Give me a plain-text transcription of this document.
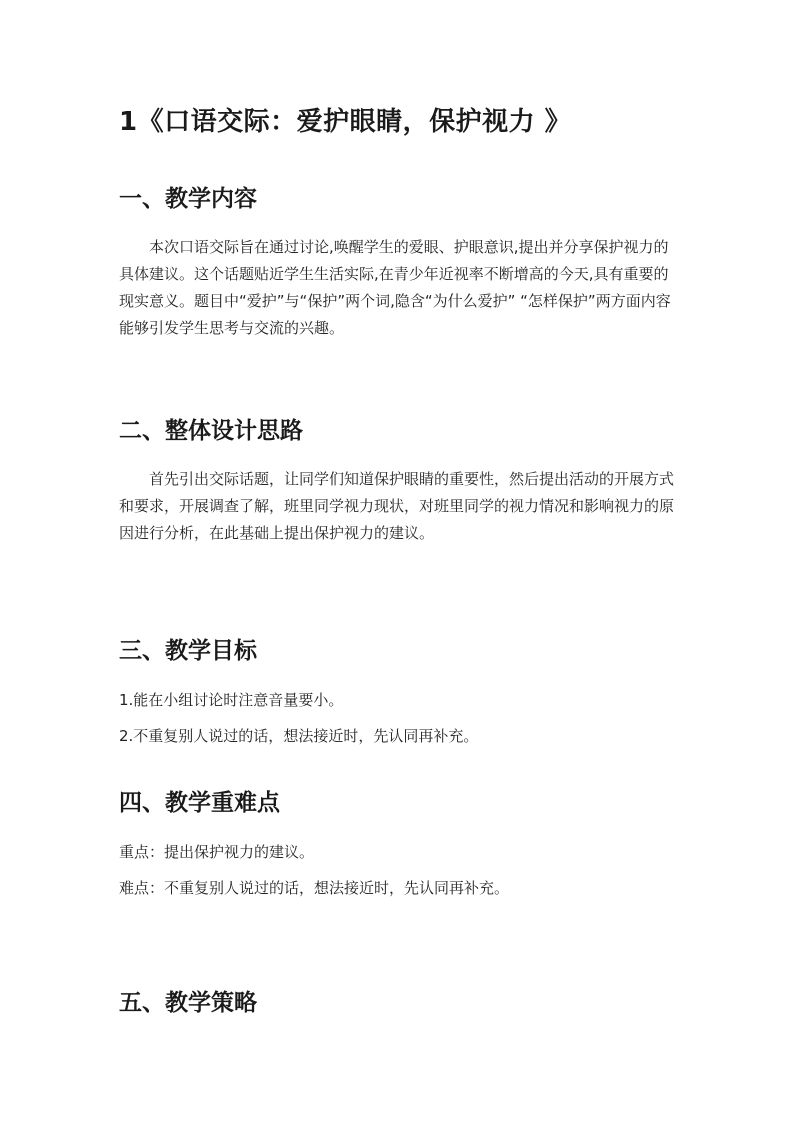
1《口语交际：爱护眼睛，保护视力 》
一、教学内容

本次口语交际旨在通过讨论,唤醒学生的爱眼、护眼意识,提出并分享保护视力的具体建议。这个话题贴近学生生活实际,在青少年近视率不断增高的今天,具有重要的现实意义。题目中“爱护”与“保护”两个词,隐含“为什么爱护” “怎样保护”两方面内容能够引发学生思考与交流的兴趣。

二、整体设计思路

首先引出交际话题，让同学们知道保护眼睛的重要性，然后提出活动的开展方式和要求，开展调查了解，班里同学视力现状，对班里同学的视力情况和影响视力的原因进行分析，在此基础上提出保护视力的建议。

三、教学目标

1.能在小组讨论时注意音量要小。

2.不重复别人说过的话，想法接近时，先认同再补充。

四、教学重难点

重点：提出保护视力的建议。

难点：不重复别人说过的话，想法接近时，先认同再补充。

五、教学策略
